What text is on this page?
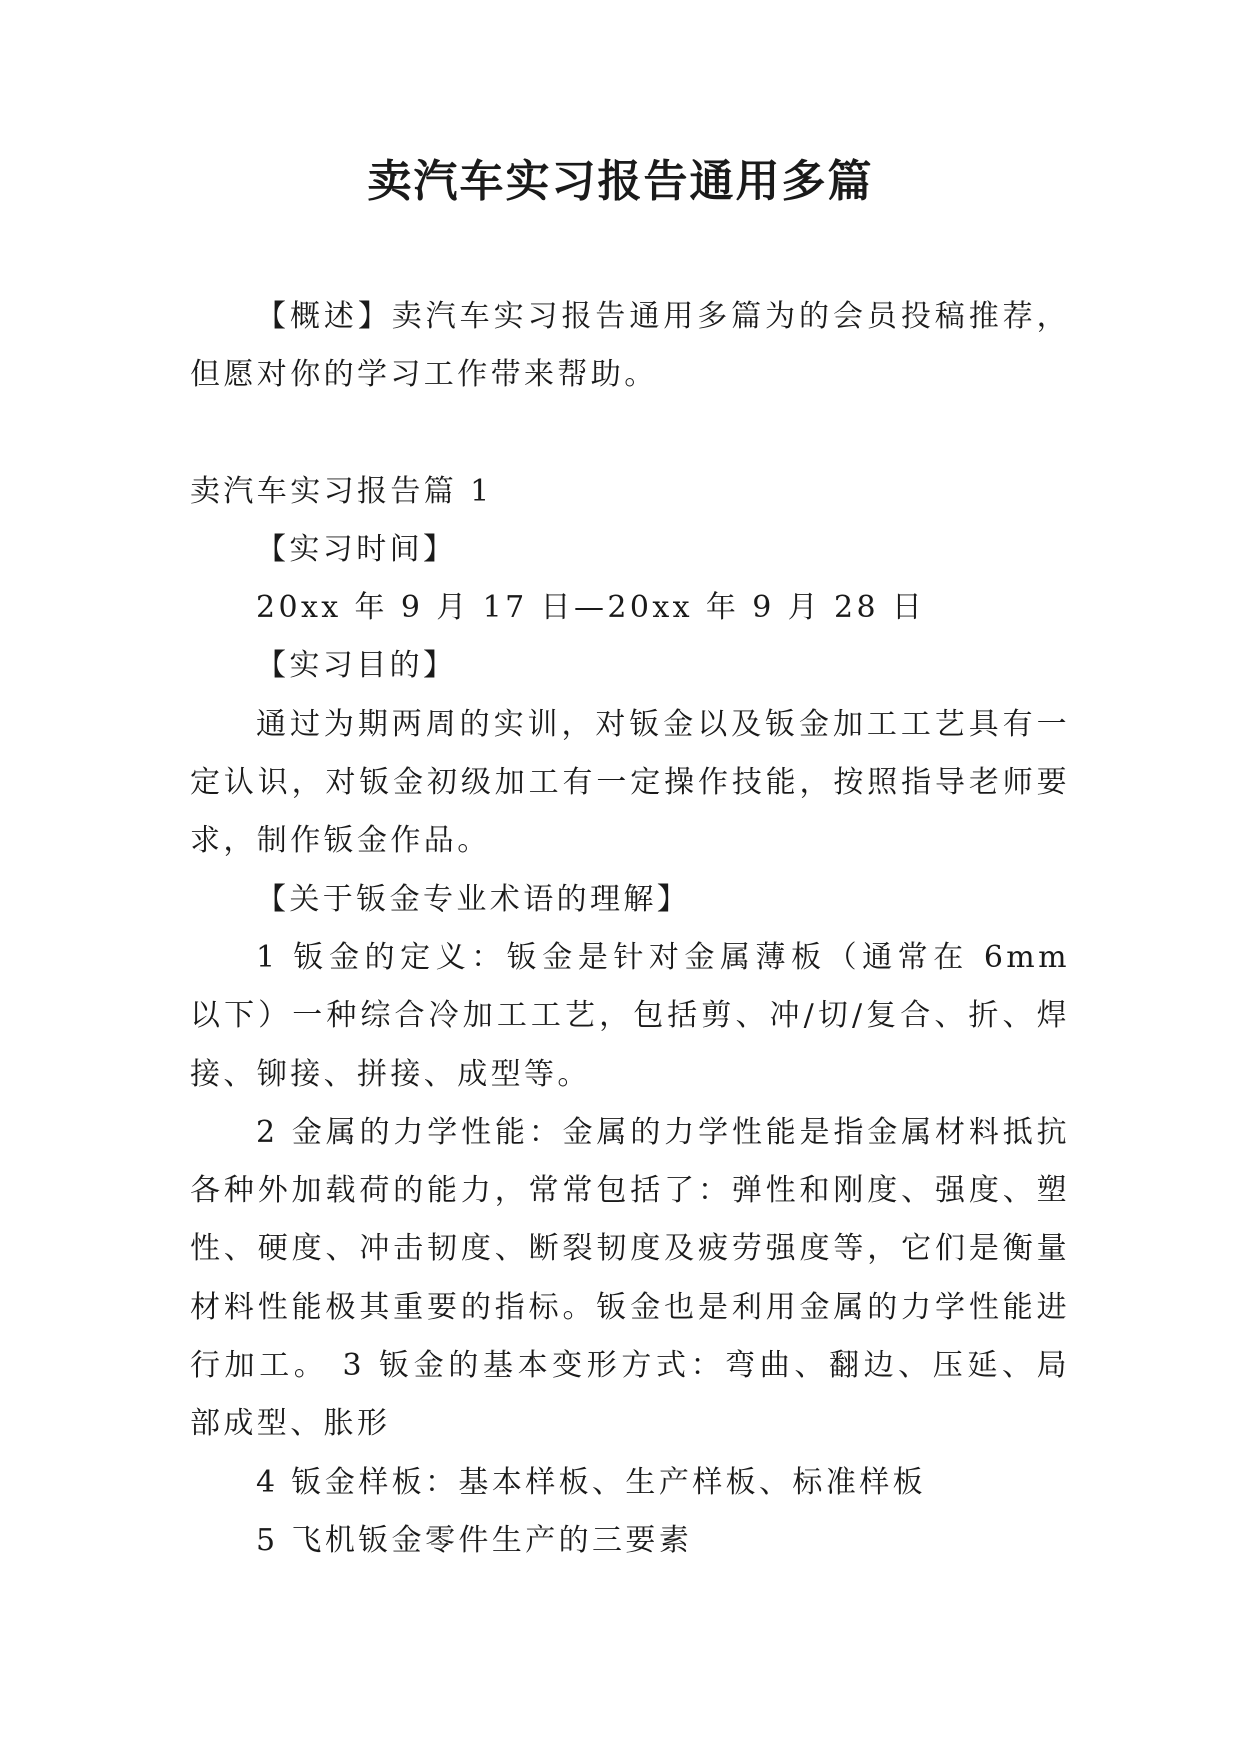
卖汽车实习报告通用多篇

【概述】卖汽车实习报告通用多篇为的会员投稿推荐，但愿对你的学习工作带来帮助。

卖汽车实习报告篇 1

【实习时间】

20xx 年 9 月 17 日—20xx 年 9 月 28 日

【实习目的】

通过为期两周的实训，对钣金以及钣金加工工艺具有一定认识，对钣金初级加工有一定操作技能，按照指导老师要求，制作钣金作品。

【关于钣金专业术语的理解】

1 钣金的定义：钣金是针对金属薄板（通常在 6mm 以下）一种综合冷加工工艺，包括剪、冲/切/复合、折、焊接、铆接、拼接、成型等。

2 金属的力学性能：金属的力学性能是指金属材料抵抗各种外加载荷的能力，常常包括了：弹性和刚度、强度、塑性、硬度、冲击韧度、断裂韧度及疲劳强度等，它们是衡量材料性能极其重要的指标。钣金也是利用金属的力学性能进行加工。 3 钣金的基本变形方式：弯曲、翻边、压延、局部成型、胀形

4 钣金样板：基本样板、生产样板、标准样板

5 飞机钣金零件生产的三要素
